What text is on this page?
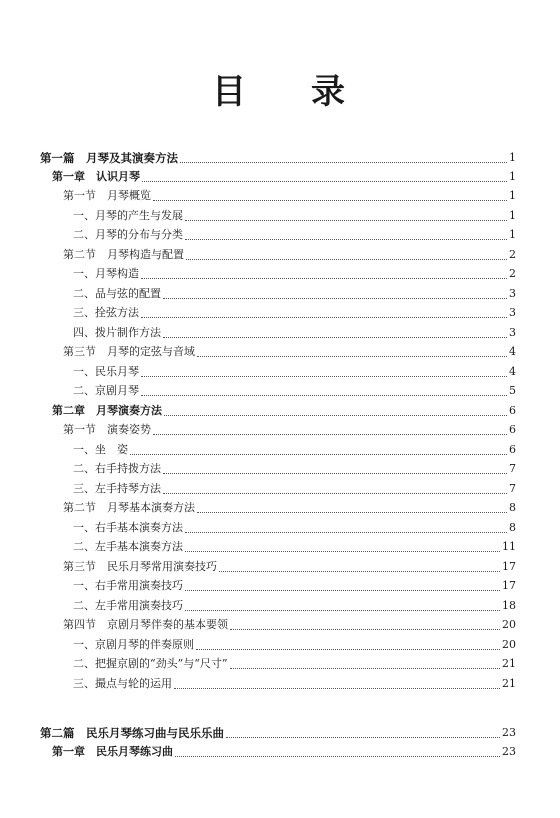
目 录
第一篇　月琴及其演奏方法	1
第一章　认识月琴	1
第一节　月琴概览	1
一、月琴的产生与发展	1
二、月琴的分布与分类	1
第二节　月琴构造与配置	2
一、月琴构造	2
二、品与弦的配置	3
三、拴弦方法	3
四、拨片制作方法	3
第三节　月琴的定弦与音域	4
一、民乐月琴	4
二、京剧月琴	5
第二章　月琴演奏方法	6
第一节　演奏姿势	6
一、坐　姿	6
二、右手持拨方法	7
三、左手持琴方法	7
第二节　月琴基本演奏方法	8
一、右手基本演奏方法	8
二、左手基本演奏方法	11
第三节　民乐月琴常用演奏技巧	17
一、右手常用演奏技巧	17
二、左手常用演奏技巧	18
第四节　京剧月琴伴奏的基本要领	20
一、京剧月琴的伴奏原则	20
二、把握京剧的“劲头”与“尺寸”	21
三、撮点与轮的运用	21
第二篇　民乐月琴练习曲与民乐乐曲	23
第一章　民乐月琴练习曲	23
